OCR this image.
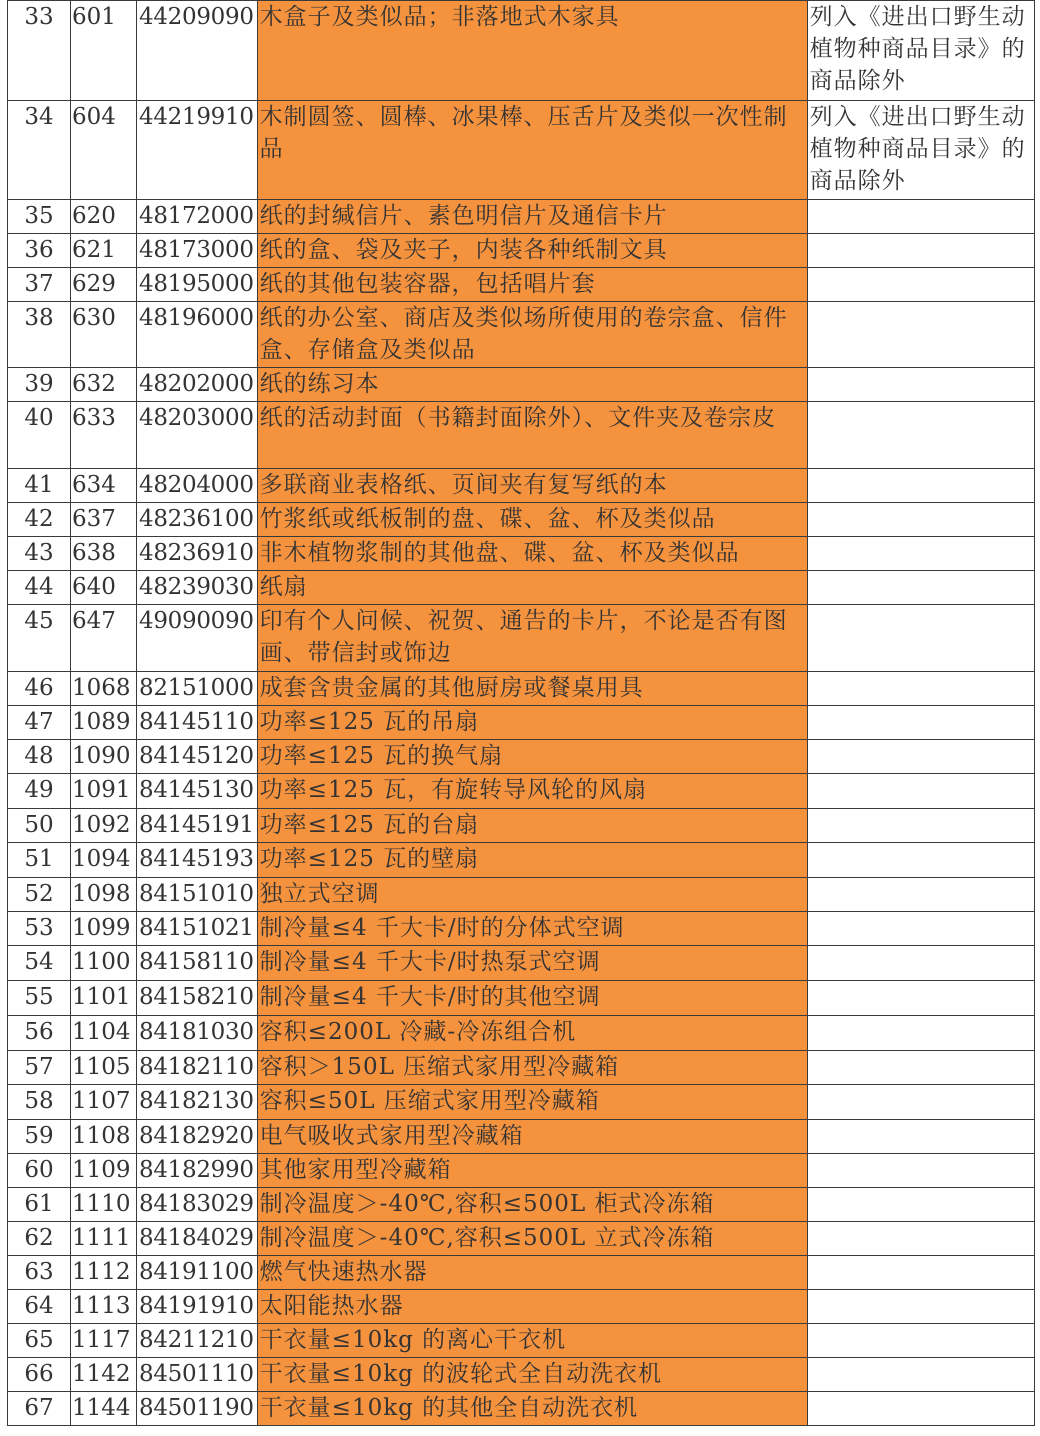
33	601	44209090	木盒子及类似品；非落地式木家具	列入《进出口野生动植物种商品目录》的商品除外
34	604	44219910	木制圆签、圆棒、冰果棒、压舌片及类似一次性制品	列入《进出口野生动植物种商品目录》的商品除外
35	620	48172000	纸的封缄信片、素色明信片及通信卡片	
36	621	48173000	纸的盒、袋及夹子，内装各种纸制文具	
37	629	48195000	纸的其他包装容器，包括唱片套	
38	630	48196000	纸的办公室、商店及类似场所使用的卷宗盒、信件盒、存储盒及类似品	
39	632	48202000	纸的练习本	
40	633	48203000	纸的活动封面（书籍封面除外）、文件夹及卷宗皮	
41	634	48204000	多联商业表格纸、页间夹有复写纸的本	
42	637	48236100	竹浆纸或纸板制的盘、碟、盆、杯及类似品	
43	638	48236910	非木植物浆制的其他盘、碟、盆、杯及类似品	
44	640	48239030	纸扇	
45	647	49090090	印有个人问候、祝贺、通告的卡片，不论是否有图画、带信封或饰边	
46	1068	82151000	成套含贵金属的其他厨房或餐桌用具	
47	1089	84145110	功率≤125 瓦的吊扇	
48	1090	84145120	功率≤125 瓦的换气扇	
49	1091	84145130	功率≤125 瓦，有旋转导风轮的风扇	
50	1092	84145191	功率≤125 瓦的台扇	
51	1094	84145193	功率≤125 瓦的壁扇	
52	1098	84151010	独立式空调	
53	1099	84151021	制冷量≤4 千大卡/时的分体式空调	
54	1100	84158110	制冷量≤4 千大卡/时热泵式空调	
55	1101	84158210	制冷量≤4 千大卡/时的其他空调	
56	1104	84181030	容积≤200L 冷藏-冷冻组合机	
57	1105	84182110	容积＞150L 压缩式家用型冷藏箱	
58	1107	84182130	容积≤50L 压缩式家用型冷藏箱	
59	1108	84182920	电气吸收式家用型冷藏箱	
60	1109	84182990	其他家用型冷藏箱	
61	1110	84183029	制冷温度＞-40℃,容积≤500L 柜式冷冻箱	
62	1111	84184029	制冷温度＞-40℃,容积≤500L 立式冷冻箱	
63	1112	84191100	燃气快速热水器	
64	1113	84191910	太阳能热水器	
65	1117	84211210	干衣量≤10kg 的离心干衣机	
66	1142	84501110	干衣量≤10kg 的波轮式全自动洗衣机	
67	1144	84501190	干衣量≤10kg 的其他全自动洗衣机	
